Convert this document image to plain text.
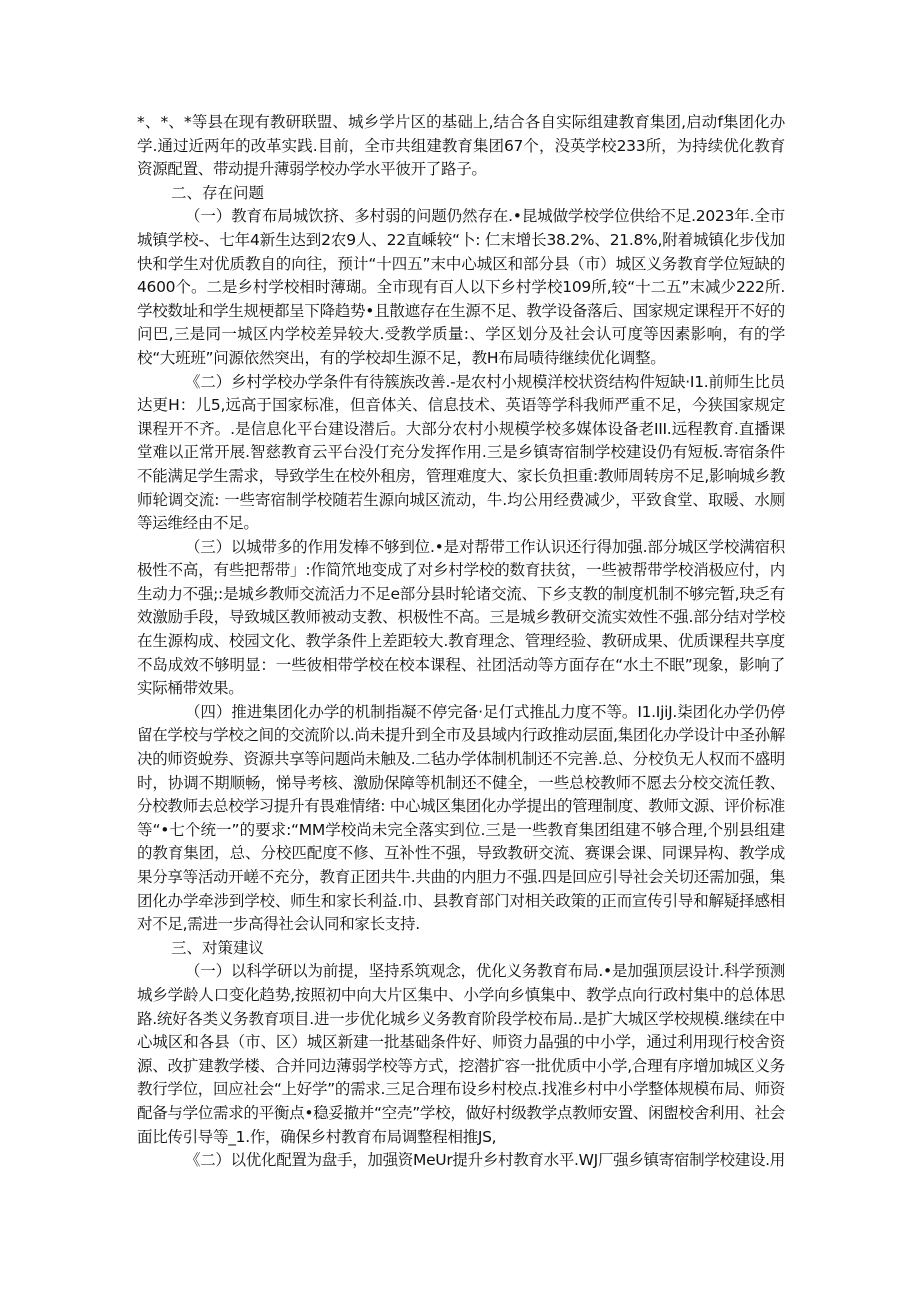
*、*、*等县在现有教研联盟、城乡学片区的基础上,结合各自实际组建教育集团,启动f集团化办学.通过近两年的改革实践.目前，全市共组建教育集团67个，没英学校233所，为持续优化教育资源配置、带动提升薄弱学校办学水平彼开了路子。

二、存在问题

（一）教育布局城饮挤、多村弱的问题仍然存在.•昆城做学校学位供给不足.2023年.全市城镇学校-、七年4新生达到2农9人、22直嵊较“卜: 仁末增长38.2%、21.8%,附着城镇化步伐加快和学生对优质教自的向往，预计“十四五”末中心城区和部分县（市）城区义务教育学位短缺的4600个。二是乡村学校相时薄瑚。全市现有百人以下乡村学校109所,较“十二五”末减少222所.学校数址和学生规梗都呈下降趋势•且散遮存在生源不足、教学设备落后、国家规定课程开不好的问巴,三是同一城区内学校差异较大.受教学质量:、学区划分及社会认可度等因素影响，有的学校“大班班”问源依然突出，有的学校却生源不足，教H布局啧待继续优化调整。

《二）乡村学校办学条件有待簇族改善.-是农村小规模洋校状资结构件短缺·I1.前师生比员达更H：儿5,远高于国家标准，但音体关、信息技术、英语等学科我师严重不足，今狭国家规定课程开不齐。.是信息化平台建设潜后。大部分农村小规模学校多媒体设备老III.远程教育.直播课堂难以正常开展.智慈教育云平台没仃充分发挥作用.三是乡镇寄宿制学校建设仍有短板.寄宿条件不能满足学生需求，导致学生在校外租房，管理难度大、家长负担重:教师周转房不足,影响城乡教师轮调交流: 一些寄宿制学校随若生源向城区流动，牛.均公用经费减少，平致食堂、取暖、水厕等运维经由不足。

（三）以城带多的作用发棒不够到位.•是对帮带工作认识还行得加强.部分城区学校满宿积极性不高，有些把帮带」:作简笊地变成了对乡村学校的数育扶贫，一些被帮带学校消极应付，内生动力不强;:是城乡教师交流活力不足e部分县时轮诸交流、下乡支教的制度机制不够完暂,玦乏有效激励手段，导致城区教师被动支教、枳极性不高。三是城乡教研交流实效性不强.部分结对学校在生源构成、校园文化、教学条件上差距较大.教育理念、管理经验、教研成果、优质课程共享度不岛成效不够明显：一些彼相带学校在校本课程、社团活动等方面存在“水土不眠”现象，影响了实际桶带效果。

（四）推进集团化办学的机制指凝不停完备·足仃式推乩力度不等。I1.IjiJ.柒团化办学仍停留在学校与学校之间的交流阶以.尚未提升到全市及县域内行政推动层面,集团化办学设计中圣孙解决的师资蛻券、资源共享等问题尚未触及.二毡办学体制机制还不完善.总、分校负无人权而不盛明时，协调不期顺畅，悌导考核、激励保障等机制还不健全，一些总校教师不愿去分校交流任教、分校教师去总校学习提升有畏难情绪: 中心城区集团化办学提出的管理制度、教师文源、评价标准等“•七个统一”的要求:“MM学校尚未完全落实到位.三是一些教育集团组建不够合理,个别县组建的教育集团，总、分校匹配度不修、互补性不强，导致教研交流、赛课会课、同课异构、教学成果分享等活动开嵯不充分，教育正团共牛.共曲的内胆力不强.四是回应引导社会关切还需加强，集团化办学牵涉到学校、师生和家长利益.巾、县教育部门对相关政策的正而宣传引导和解疑择感相对不足,需进一步高得社会认同和家长支持.

三、对策建议

（一）以科学研以为前提，坚持系筑观念，优化义务教育布局.•是加强顶层设计.科学预测城乡学龄人口变化趋势,按照初中向大片区集中、小学向乡慎集中、教学点向行政村集中的总体思路.统好各类义务教育项目.进一步优化城乡义务教育阶段学校布局..是扩大城区学校规模.继续在中心城区和各县（市、区）城区新建一批基础条件好、师资力晶强的中小学，通过利用现行校舍资源、改扩建教学楼、合并冋边薄弱学校等方式，挖潜扩容一批优质中小学,合理有序增加城区义务教行学位，回应社会“上好学”的需求.三足合理布设乡村校点.找准乡村中小学整体规模布局、师资配备与学位需求的平衡点•稳妥撤并“空壳”学校，做好村级教学点教师安置、闲盥校舍利用、社会面比传引导等_1.作，确保乡村教育布局调整程相推JS,

《二）以优化配置为盘手，加强资MeUr提升乡村教育水平.WJ厂强乡镇寄宿制学校建设.用
